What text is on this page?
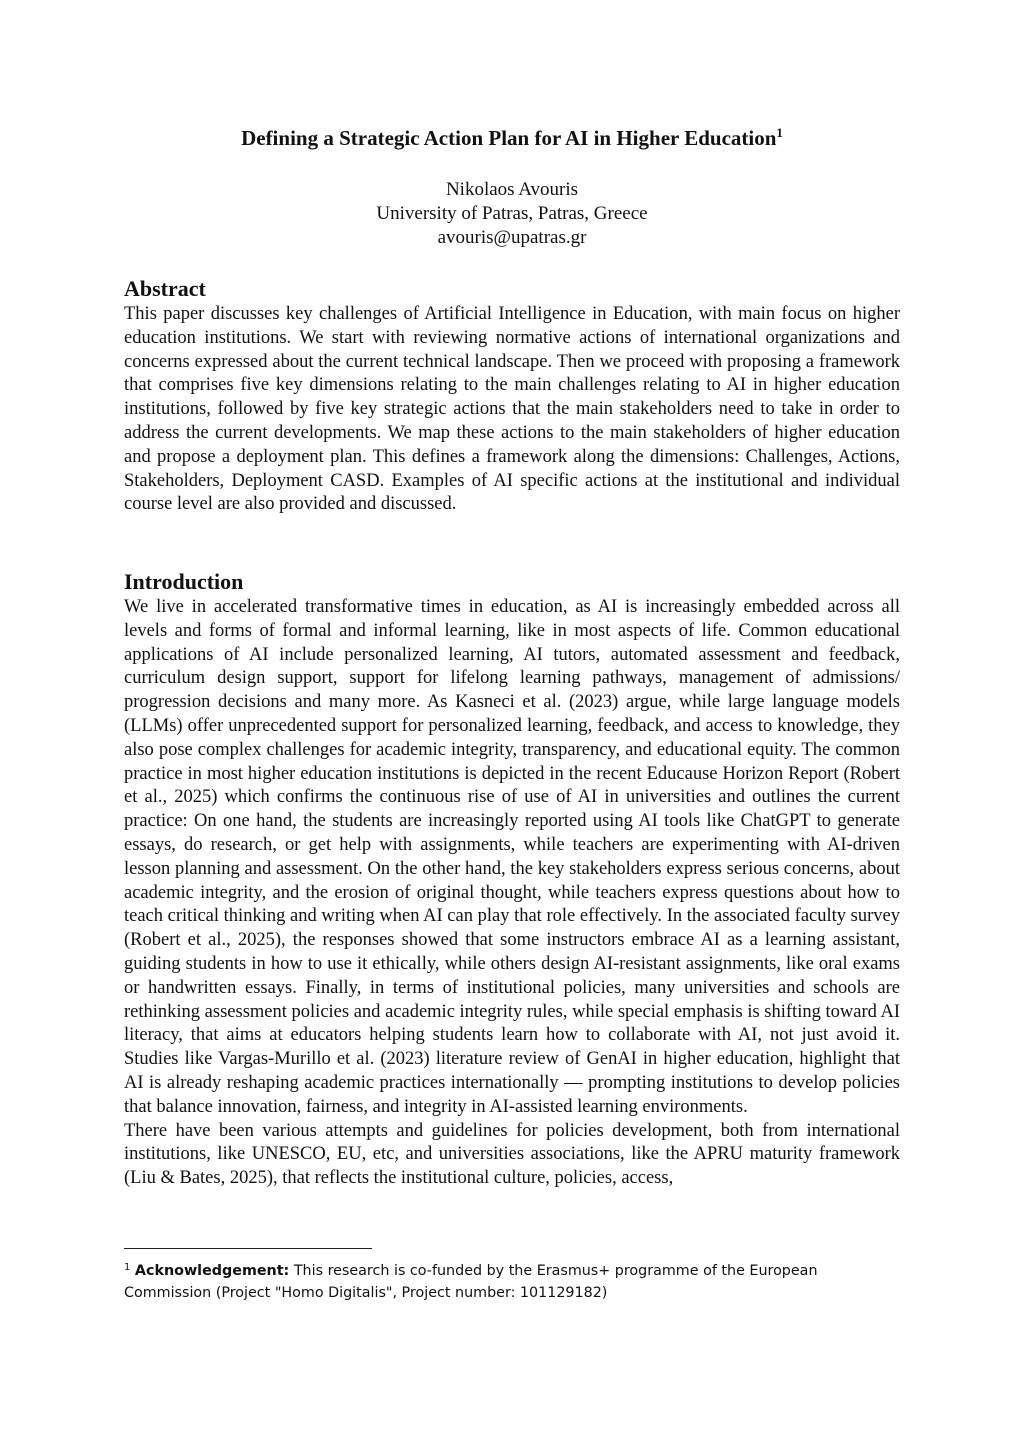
Defining a Strategic Action Plan for AI in Higher Education$^1$
Nikolaos Avouris
University of Patras, Patras, Greece
avouris@upatras.gr
Abstract

This paper discusses key challenges of Artificial Intelligence in Education, with main focus on higher education institutions. We start with reviewing normative actions of international organizations and concerns expressed about the current technical landscape. Then we proceed with proposing a framework that comprises five key dimensions relating to the main challenges relating to AI in higher education institutions, followed by five key strategic actions that the main stakeholders need to take in order to address the current developments. We map these actions to the main stakeholders of higher education and propose a deployment plan. This defines a framework along the dimensions: Challenges, Actions, Stakeholders, Deployment CASD. Examples of AI specific actions at the institutional and individual course level are also provided and discussed.

Introduction
We live in accelerated transformative times in education, as AI is increasingly embedded across all levels and forms of formal and informal learning, like in most aspects of life. Common educational applications of AI include personalized learning, AI tutors, automated assessment and feedback, curriculum design support, support for lifelong learning pathways, management of admissions/ progression decisions and many more. As Kasneci et al. (2023) argue, while large language models (LLMs) offer unprecedented support for personalized learning, feedback, and access to knowledge, they also pose complex challenges for academic integrity, transparency, and educational equity. The common practice in most higher education institutions is depicted in the recent Educause Horizon Report (Robert et al., 2025) which confirms the continuous rise of use of AI in universities and outlines the current practice: On one hand, the students are increasingly reported using AI tools like ChatGPT to generate essays, do research, or get help with assignments, while teachers are experimenting with AI-driven lesson planning and assessment. On the other hand, the key stakeholders express serious concerns, about academic integrity, and the erosion of original thought, while teachers express questions about how to teach critical thinking and writing when AI can play that role effectively. In the associated faculty survey (Robert et al., 2025), the responses showed that some instructors embrace AI as a learning assistant, guiding students in how to use it ethically, while others design AI-resistant assignments, like oral exams or handwritten essays. Finally, in terms of institutional policies, many universities and schools are rethinking assessment policies and academic integrity rules, while special emphasis is shifting toward AI literacy, that aims at educators helping students learn how to collaborate with AI, not just avoid it. Studies like Vargas-Murillo et al. (2023) literature review of GenAI in higher education, highlight that AI is already reshaping academic practices internationally — prompting institutions to develop policies that balance innovation, fairness, and integrity in AI-assisted learning environments.
There have been various attempts and guidelines for policies development, both from international institutions, like UNESCO, EU, etc, and universities associations, like the APRU maturity framework (Liu & Bates, 2025), that reflects the institutional culture, policies, access,
$^1$ Acknowledgement: This research is co-funded by the Erasmus+ programme of the European
Commission (Project "Homo Digitalis", Project number: 101129182)
